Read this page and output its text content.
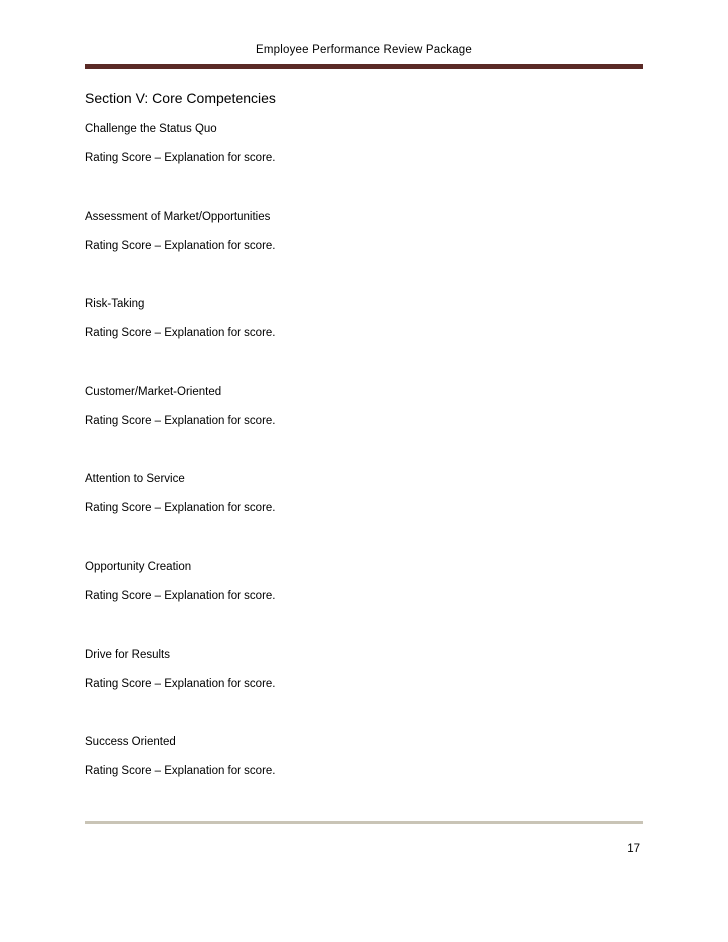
Employee Performance Review Package
Section V: Core Competencies
Challenge the Status Quo
Rating Score – Explanation for score.
Assessment of Market/Opportunities
Rating Score – Explanation for score.
Risk-Taking
Rating Score – Explanation for score.
Customer/Market-Oriented
Rating Score – Explanation for score.
Attention to Service
Rating Score – Explanation for score.
Opportunity Creation
Rating Score – Explanation for score.
Drive for Results
Rating Score – Explanation for score.
Success Oriented
Rating Score – Explanation for score.
17
